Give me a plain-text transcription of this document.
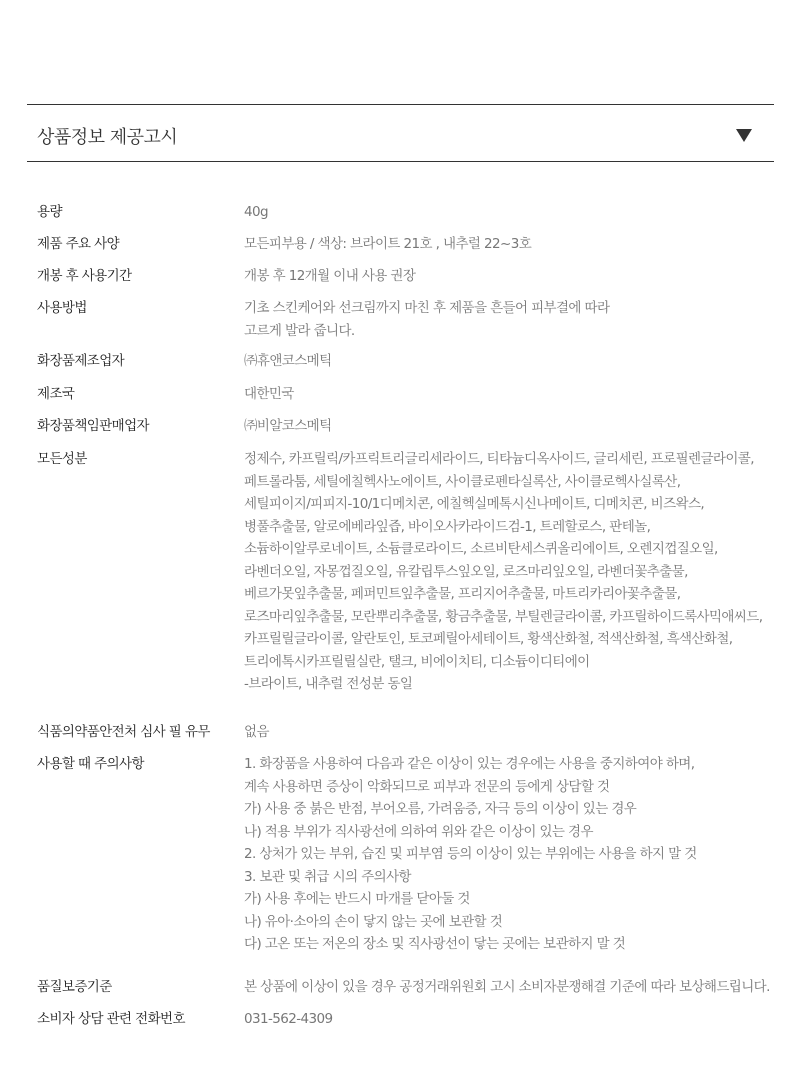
상품정보 제공고시
용량	40g
제품 주요 사양	모든피부용 / 색상: 브라이트 21호 , 내추럴 22~3호
개봉 후 사용기간	개봉 후 12개월 이내 사용 권장
사용방법	기초 스킨케어와 선크림까지 마친 후 제품을 흔들어 피부결에 따라
고르게 발라 줍니다.
화장품제조업자	㈜휴앤코스메틱
제조국	대한민국
화장품책임판매업자	㈜비알코스메틱
모든성분	정제수, 카프릴릭/카프릭트리글리세라이드, 티타늄디옥사이드, 글리세린, 프로필렌글라이콜,
페트롤라툼, 세틸에칠헥사노에이트, 사이클로펜타실록산, 사이클로헥사실록산,
세틸피이지/피피지-10/1디메치콘, 에칠헥실메톡시신나메이트, 디메치콘, 비즈왁스,
병풀추출물, 알로에베라잎즙, 바이오사카라이드검-1, 트레할로스, 판테놀,
소듐하이알루로네이트, 소듐클로라이드, 소르비탄세스퀴올리에이트, 오렌지껍질오일,
라벤더오일, 자몽껍질오일, 유칼립투스잎오일, 로즈마리잎오일, 라벤더꽃추출물,
베르가못잎추출물, 페퍼민트잎추출물, 프리지어추출물, 마트리카리아꽃추출물,
로즈마리잎추출물, 모란뿌리추출물, 황금추출물, 부틸렌글라이콜, 카프릴하이드록사믹애씨드,
카프릴릴글라이콜, 알란토인, 토코페릴아세테이트, 황색산화철, 적색산화철, 흑색산화철,
트리에톡시카프릴릴실란, 탤크, 비에이치티, 디소듐이디티에이
-브라이트, 내추럴 전성분 동일
식품의약품안전처 심사 필 유무	없음
사용할 때 주의사항	1. 화장품을 사용하여 다음과 같은 이상이 있는 경우에는 사용을 중지하여야 하며,
계속 사용하면 증상이 악화되므로 피부과 전문의 등에게 상담할 것
가) 사용 중 붉은 반점, 부어오름, 가려움증, 자극 등의 이상이 있는 경우
나) 적용 부위가 직사광선에 의하여 위와 같은 이상이 있는 경우
2. 상처가 있는 부위, 습진 및 피부염 등의 이상이 있는 부위에는 사용을 하지 말 것
3. 보관 및 취급 시의 주의사항
가) 사용 후에는 반드시 마개를 닫아둘 것
나) 유아·소아의 손이 닿지 않는 곳에 보관할 것
다) 고온 또는 저온의 장소 및 직사광선이 닿는 곳에는 보관하지 말 것
품질보증기준	본 상품에 이상이 있을 경우 공정거래위원회 고시 소비자분쟁해결 기준에 따라 보상해드립니다.
소비자 상담 관련 전화번호	031-562-4309
